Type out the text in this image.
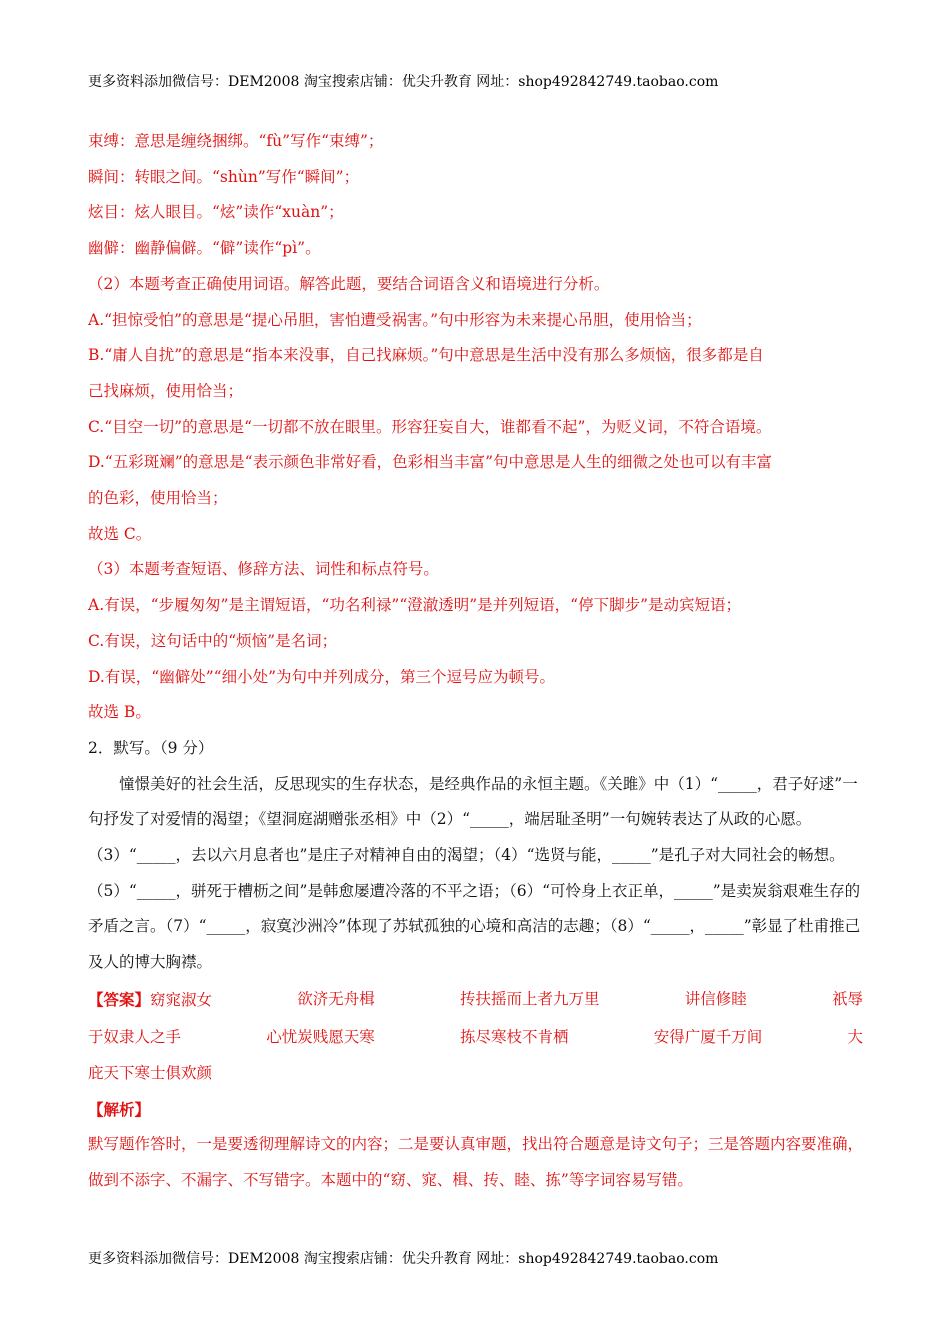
更多资料添加微信号：DEM2008 淘宝搜索店铺：优尖升教育 网址：shop492842749.taobao.com
束缚：意思是缠绕捆绑。“fù”写作“束缚”；
瞬间：转眼之间。“shùn”写作“瞬间”；
炫目：炫人眼目。“炫”读作“xuàn”；
幽僻：幽静偏僻。“僻”读作“pì”。
（2）本题考查正确使用词语。解答此题，要结合词语含义和语境进行分析。
A.“担惊受怕”的意思是“提心吊胆，害怕遭受祸害。”句中形容为未来提心吊胆，使用恰当；
B.“庸人自扰”的意思是“指本来没事，自己找麻烦。”句中意思是生活中没有那么多烦恼，很多都是自
己找麻烦，使用恰当；
C.“目空一切”的意思是“一切都不放在眼里。形容狂妄自大，谁都看不起”，为贬义词，不符合语境。
D.“五彩斑斓”的意思是“表示颜色非常好看，色彩相当丰富”句中意思是人生的细微之处也可以有丰富
的色彩，使用恰当；
故选 C。
（3）本题考查短语、修辞方法、词性和标点符号。
A.有误，“步履匆匆”是主谓短语，“功名利禄”“澄澈透明”是并列短语，“停下脚步”是动宾短语；
C.有误，这句话中的“烦恼”是名词；
D.有误，“幽僻处”“细小处”为句中并列成分，第三个逗号应为顿号。
故选 B。
2．默写。（9 分）
憧憬美好的社会生活，反思现实的生存状态，是经典作品的永恒主题。《关雎》中（1）“_____，君子好逑”一句抒发了对爱情的渴望；《望洞庭湖赠张丞相》中（2）“_____，端居耻圣明”一句婉转表达了从政的心愿。（3）“_____，去以六月息者也”是庄子对精神自由的渴望；（4）“选贤与能，_____”是孔子对大同社会的畅想。（5）“_____，骈死于槽枥之间”是韩愈屡遭冷落的不平之语；（6）“可怜身上衣正单，_____”是卖炭翁艰难生存的矛盾之言。（7）“_____，寂寞沙洲冷”体现了苏轼孤独的心境和高洁的志趣；（8）“_____，_____”彰显了杜甫推己及人的博大胸襟。
【答案】窈窕淑女	欲济无舟楫	抟扶摇而上者九万里	讲信修睦	祇辱
于奴隶人之手	心忧炭贱愿天寒	拣尽寒枝不肯栖	安得广厦千万间	大
庇天下寒士俱欢颜
【解析】
默写题作答时，一是要透彻理解诗文的内容；二是要认真审题，找出符合题意是诗文句子；三是答题内容要准确，做到不添字、不漏字、不写错字。本题中的“窈、窕、楫、抟、睦、拣”等字词容易写错。
更多资料添加微信号：DEM2008 淘宝搜索店铺：优尖升教育 网址：shop492842749.taobao.com
